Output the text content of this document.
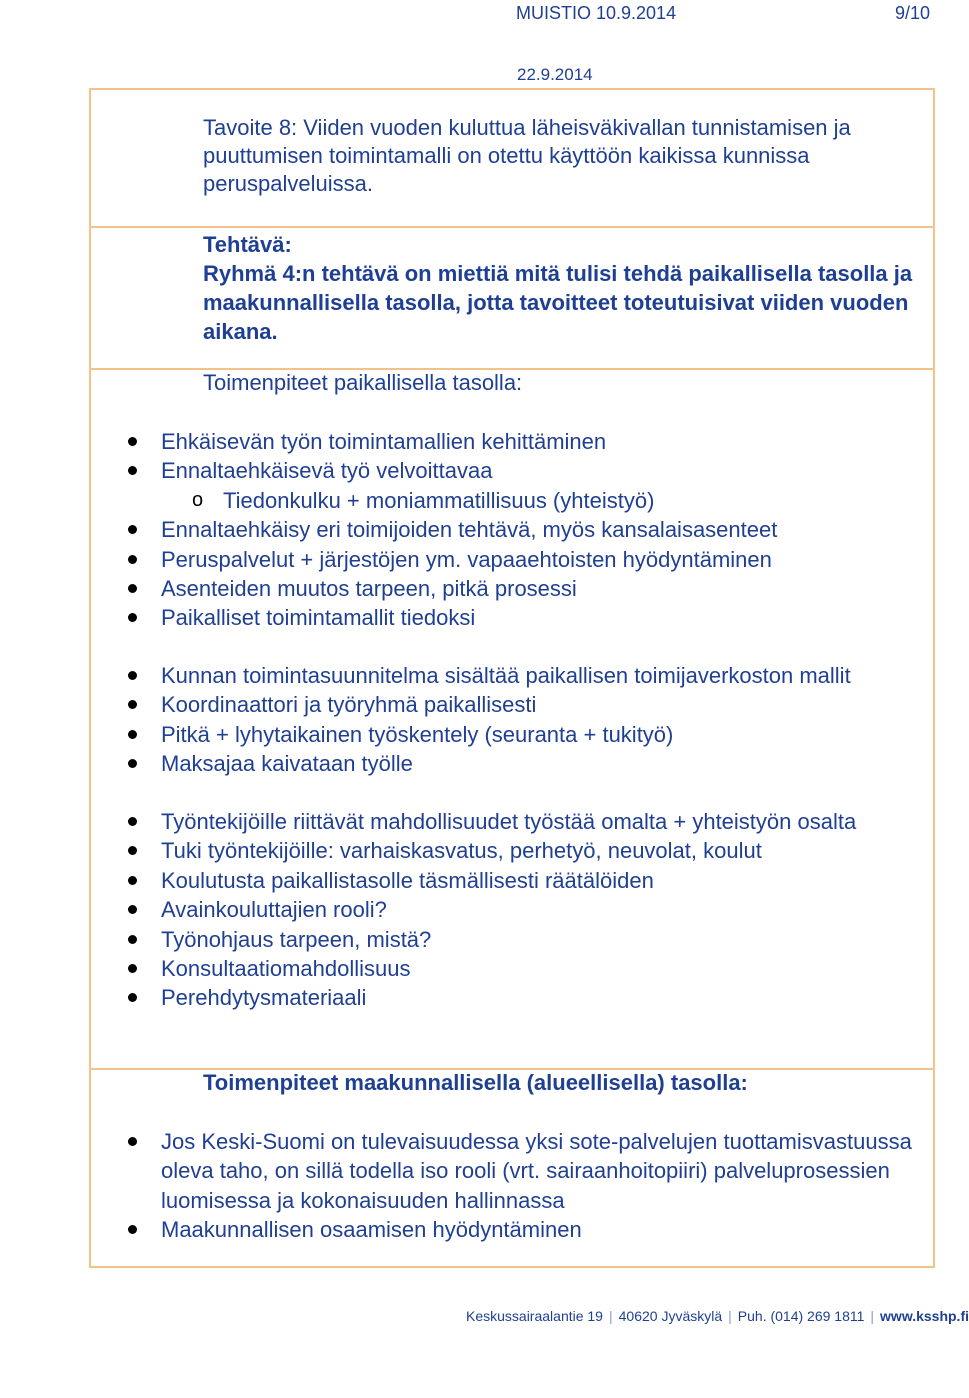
MUISTIO 10.9.2014	9/10
22.9.2014
Tavoite 8: Viiden vuoden kuluttua läheisväkivallan tunnistamisen ja puuttumisen toimintamalli on otettu käyttöön kaikissa kunnissa peruspalveluissa.
Tehtävä:
Ryhmä 4:n tehtävä on miettiä mitä tulisi tehdä paikallisella tasolla ja maakunnallisella tasolla, jotta tavoitteet toteutuisivat viiden vuoden aikana.
Toimenpiteet paikallisella tasolla:
Ehkäisevän työn toimintamallien kehittäminen
Ennaltaehkäisevä työ velvoittavaa
o Tiedonkulku + moniammatillisuus (yhteistyö)
Ennaltaehkäisy eri toimijoiden tehtävä, myös kansalaisasenteet
Peruspalvelut + järjestöjen ym. vapaaehtoisten hyödyntäminen
Asenteiden muutos tarpeen, pitkä prosessi
Paikalliset toimintamallit tiedoksi
Kunnan toimintasuunnitelma sisältää paikallisen toimijaverkoston mallit
Koordinaattori ja työryhmä paikallisesti
Pitkä + lyhytaikainen työskentely (seuranta + tukityö)
Maksajaa kaivataan työlle
Työntekijöille riittävät mahdollisuudet työstää omalta + yhteistyön osalta
Tuki työntekijöille: varhaiskasvatus, perhetyö, neuvolat, koulut
Koulutusta paikallistasolle täsmällisesti räätälöiden
Avainkouluttajien rooli?
Työnohjaus tarpeen, mistä?
Konsultaatiomahdollisuus
Perehdytysmateriaali
Toimenpiteet maakunnallisella (alueellisella) tasolla:
Jos Keski-Suomi on tulevaisuudessa yksi sote-palvelujen tuottamisvastuussa oleva taho, on sillä todella iso rooli (vrt. sairaanhoitopiiri) palveluprosessien luomisessa ja kokonaisuuden hallinnassa
Maakunnallisen osaamisen hyödyntäminen
Keskussairaalantie 19 | 40620 Jyväskylä | Puh. (014) 269 1811 | www.ksshp.fi
